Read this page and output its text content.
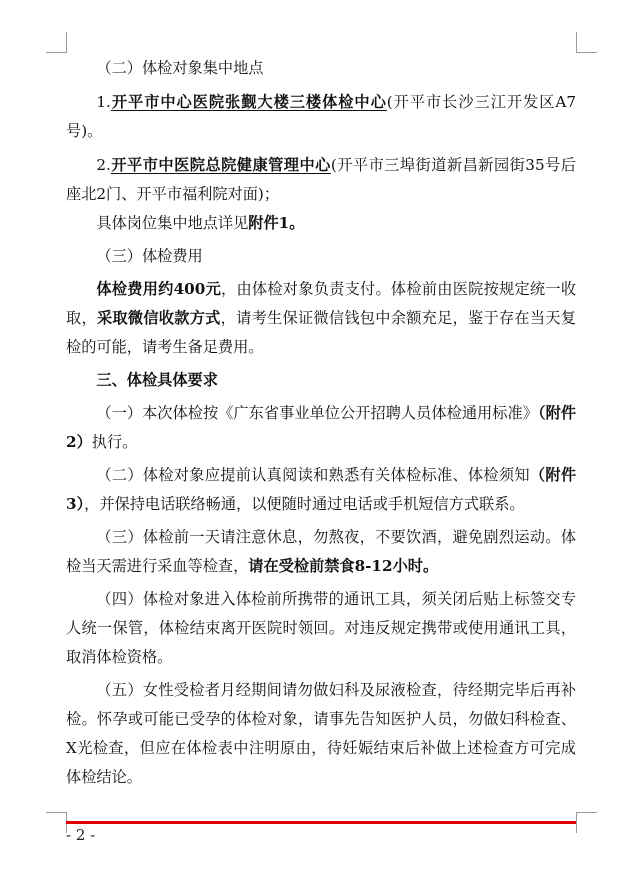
（二）体检对象集中地点

1.开平市中心医院张觐大楼三楼体检中心(开平市长沙三江开发区A7号)。

2.开平市中医院总院健康管理中心(开平市三埠街道新昌新园街35号后座北2门、开平市福利院对面)；

具体岗位集中地点详见附件1。

（三）体检费用

体检费用约400元，由体检对象负责支付。体检前由医院按规定统一收取，采取微信收款方式，请考生保证微信钱包中余额充足，鉴于存在当天复检的可能，请考生备足费用。

三、体检具体要求

（一）本次体检按《广东省事业单位公开招聘人员体检通用标准》（附件2）执行。

（二）体检对象应提前认真阅读和熟悉有关体检标准、体检须知（附件3），并保持电话联络畅通，以便随时通过电话或手机短信方式联系。

（三）体检前一天请注意休息，勿熬夜，不要饮酒，避免剧烈运动。体检当天需进行采血等检查，请在受检前禁食8-12小时。

（四）体检对象进入体检前所携带的通讯工具，须关闭后贴上标签交专人统一保管，体检结束离开医院时领回。对违反规定携带或使用通讯工具，取消体检资格。

（五）女性受检者月经期间请勿做妇科及尿液检查，待经期完毕后再补检。怀孕或可能已受孕的体检对象，请事先告知医护人员，勿做妇科检查、X光检查，但应在体检表中注明原由，待妊娠结束后补做上述检查方可完成体检结论。

- 2 -
